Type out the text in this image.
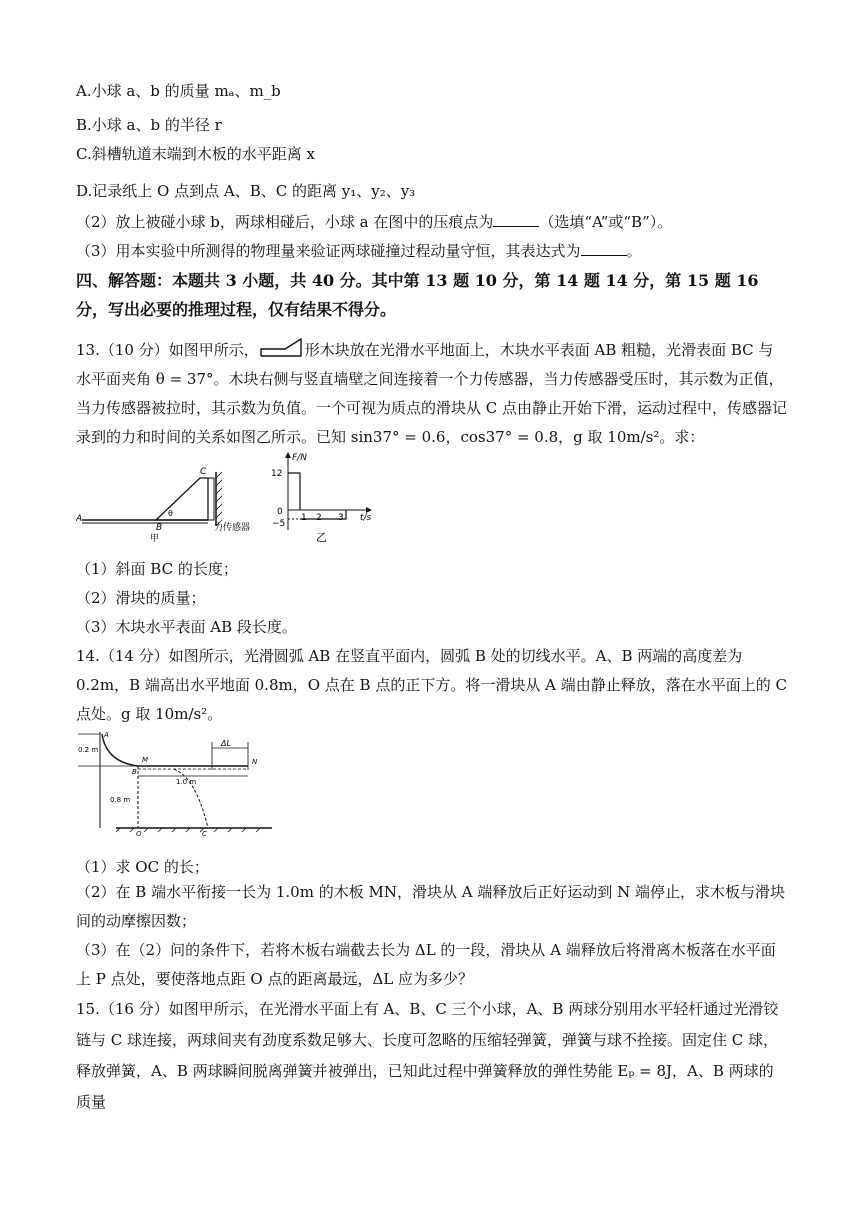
A.小球 a、b 的质量 mₐ、m_b
B.小球 a、b 的半径 r
C.斜槽轨道末端到木板的水平距离 x
D.记录纸上 O 点到点 A、B、C 的距离 y₁、y₂、y₃
（2）放上被碰小球 b，两球相碰后，小球 a 在图中的压痕点为	（选填“A”或“B”）。
（3）用本实验中所测得的物理量来验证两球碰撞过程动量守恒，其表达式为	。
四、解答题：本题共 3 小题，共 40 分。其中第 13 题 10 分，第 14 题 14 分，第 15 题 16 分，写出必要的推理过程，仅有结果不得分。
13.（10 分）如图甲所示，	形木块放在光滑水平地面上，木块水平表面 AB 粗糙，光滑表面 BC 与水平面夹角 θ = 37°。木块右侧与竖直墙壁之间连接着一个力传感器，当力传感器受压时，其示数为正值，当力传感器被拉时，其示数为负值。一个可视为质点的滑块从 C 点由静止开始下滑，运动过程中，传感器记录到的力和时间的关系如图乙所示。已知 sin37° = 0.6，cos37° = 0.8，g 取 10m/s²。求：
A
B
C
θ
力传感器
甲
F/N
12
0
−5
1 2 3 t/s
乙
（1）斜面 BC 的长度；
（2）滑块的质量；
（3）木块水平表面 AB 段长度。
14.（14 分）如图所示，光滑圆弧 AB 在竖直平面内，圆弧 B 处的切线水平。A、B 两端的高度差为 0.2m，B 端高出水平地面 0.8m，O 点在 B 点的正下方。将一滑块从 A 端由静止释放，落在水平面上的 C 点处。g 取 10m/s²。
A
0.2 m
M
B
ΔL
N
1.0 m
0.8 m
O	C
（1）求 OC 的长；
（2）在 B 端水平衔接一长为 1.0m 的木板 MN，滑块从 A 端释放后正好运动到 N 端停止，求木板与滑块间的动摩擦因数；
（3）在（2）问的条件下，若将木板右端截去长为 ΔL 的一段，滑块从 A 端释放后将滑离木板落在水平面上 P 点处，要使落地点距 O 点的距离最远，ΔL 应为多少？
15.（16 分）如图甲所示，在光滑水平面上有 A、B、C 三个小球，A、B 两球分别用水平轻杆通过光滑铰链与 C 球连接，两球间夹有劲度系数足够大、长度可忽略的压缩轻弹簧，弹簧与球不拴接。固定住 C 球，释放弹簧，A、B 两球瞬间脱离弹簧并被弹出，已知此过程中弹簧释放的弹性势能 Eₚ = 8J，A、B 两球的质量
